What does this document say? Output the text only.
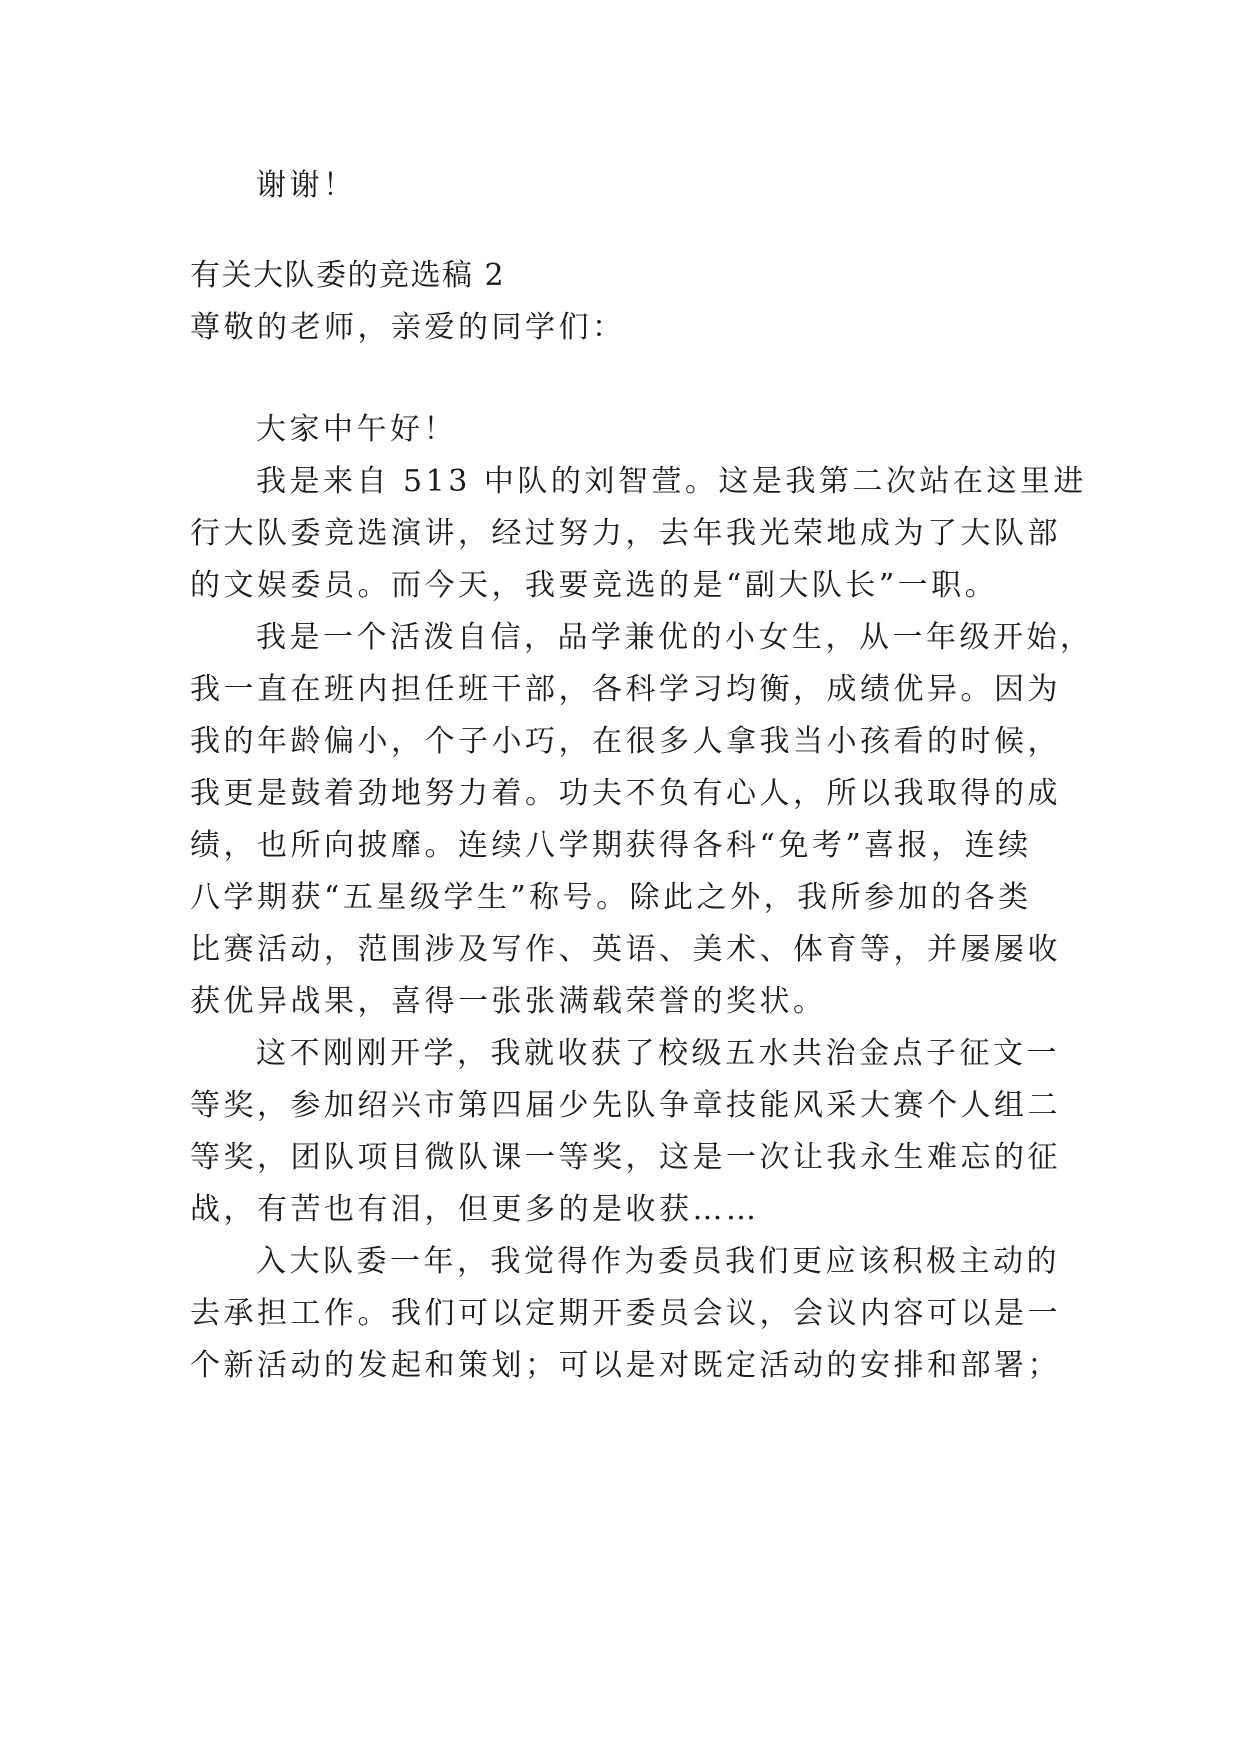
谢谢！
有关大队委的竞选稿 2
尊敬的老师，亲爱的同学们：
大家中午好！
我是来自 513 中队的刘智萱。这是我第二次站在这里进
行大队委竞选演讲，经过努力，去年我光荣地成为了大队部
的文娱委员。而今天，我要竞选的是“副大队长”一职。
我是一个活泼自信，品学兼优的小女生，从一年级开始，
我一直在班内担任班干部，各科学习均衡，成绩优异。因为
我的年龄偏小，个子小巧，在很多人拿我当小孩看的时候，
我更是鼓着劲地努力着。功夫不负有心人，所以我取得的成
绩，也所向披靡。连续八学期获得各科“免考”喜报，连续
八学期获“五星级学生”称号。除此之外，我所参加的各类
比赛活动，范围涉及写作、英语、美术、体育等，并屡屡收
获优异战果，喜得一张张满载荣誉的奖状。
这不刚刚开学，我就收获了校级五水共治金点子征文一
等奖，参加绍兴市第四届少先队争章技能风采大赛个人组二
等奖，团队项目微队课一等奖，这是一次让我永生难忘的征
战，有苦也有泪，但更多的是收获……
入大队委一年，我觉得作为委员我们更应该积极主动的
去承担工作。我们可以定期开委员会议，会议内容可以是一
个新活动的发起和策划；可以是对既定活动的安排和部署；
